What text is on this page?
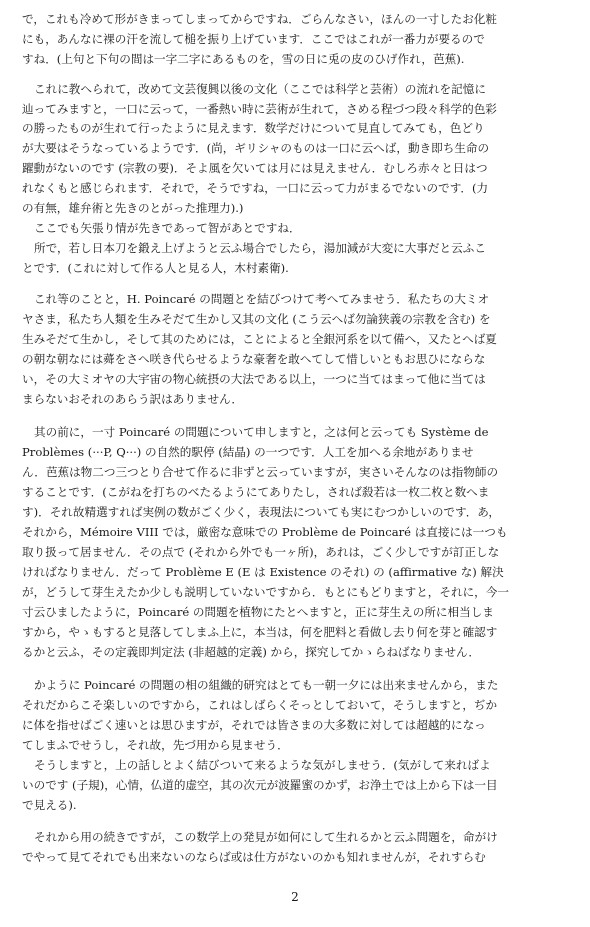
で，これも冷めて形がきまってしまってからですね．ごらんなさい，ほんの一寸したお化粧
にも，あんなに裸の汗を流して槌を振り上げています．ここではこれが一番力が要るので
すね．(上句と下句の間は一字二字にあるものを，雪の日に兎の皮のひげ作れ，芭蕉).
これに教へられて，改めて文芸復興以後の文化（ここでは科学と芸術）の流れを記憶に
辿ってみますと，一口に云って，一番熱い時に芸術が生れて，さめる程づつ段々科学的色彩
の勝ったものが生れて行ったように見えます．数学だけについて見直してみても，色どり
が大要はそうなっているようです．(尚，ギリシャのものは一口に云へば，動き即ち生命の
躍動がないのです (宗教の要)．そよ風を欠いては月には見えません．むしろ赤々と日はつ
れなくもと感じられます．それで，そうですね，一口に云って力がまるでないのです．(力
の有無，雄弁術と先きのとがった推理力).)
ここでも矢張り情が先きであって智があとですね．
所で，若し日本刀を鍛え上げようと云ふ場合でしたら，湯加減が大変に大事だと云ふこ
とです．(これに対して作る人と見る人，木村素衛).
これ等のことと，H. Poincaré の問題とを結びつけて考へてみませう．私たちの大ミオ
ヤさま，私たち人類を生みそだて生かし又其の文化 (こう云へば勿論狭義の宗教を含む) を
生みそだて生かし，そして其のためには，ことによると全銀河系を以て備へ，又たとへば夏
の朝な朝なには蕣をさへ咲き代らせるような豪奢を敢へてして惜しいともお思ひにならな
い，その大ミオヤの大宇宙の物心統摂の大法である以上，一つに当てはまって他に当ては
まらないおそれのあらう訳はありません．
其の前に，一寸 Poincaré の問題について申しますと，之は何と云っても Système de
Problèmes (···P, Q···) の自然的駅停 (結晶) の一つです．人工を加へる余地がありませ
ん．芭蕉は物二つ三つとり合せて作るに非ずと云っていますが，実さいそんなのは指物師の
することです．(こがねを打ちのべたるようにてありたし，されば殺若は一枚二枚と数へま
す)．それ故精選すれば実例の数がごく少く，表現法についても実にむつかしいのです．あ，
それから，Mémoire VIII では，厳密な意味での Problème de Poincaré は直接には一つも
取り扱って居ません．その点で (それから外でも一ヶ所)，あれは，ごく少しですが訂正しな
ければなりません．だって Problème E (E は Existence のそれ) の (affirmative な) 解決
が，どうして芽生えたか少しも説明していないですから．もとにもどりますと，それに，今一
寸云ひましたように，Poincaré の問題を植物にたとへますと，正に芽生えの所に相当しま
すから，やゝもすると見落してしまふ上に，本当は，何を肥料と看做し去り何を芽と確認す
るかと云ふ，その定義即判定法 (非超越的定義) から，探究してかゝらねばなりません．
かように Poincaré の問題の相の組織的研究はとても一朝一夕には出来ませんから，また
それだからこそ楽しいのですから，これはしばらくそっとしておいて，そうしますと，ぢか
に体を指せばごく速いとは思ひますが，それでは皆さまの大多数に対しては超越的になっ
てしまふでせうし，それ故，先づ用から見ませう．
そうしますと，上の話しとよく結びついて来るような気がしませう．(気がして来ればよ
いのです (子規)，心情，仏道的虚空，其の次元が波羅蜜のかず，お浄土では上から下は一目
で見える).
それから用の続きですが，この数学上の発見が如何にして生れるかと云ふ問題を，命がけ
でやって見てそれでも出来ないのならば或は仕方がないのかも知れませんが，それすらむ
2
